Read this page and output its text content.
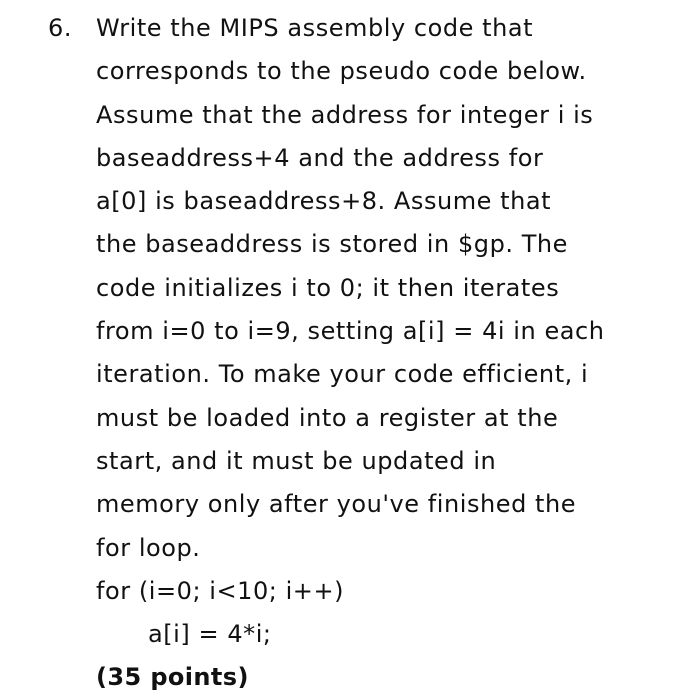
6. Write the MIPS assembly code that
corresponds to the pseudo code below.
Assume that the address for integer i is
baseaddress+4 and the address for
a[0] is baseaddress+8. Assume that
the baseaddress is stored in $gp. The
code initializes i to 0; it then iterates
from i=0 to i=9, setting a[i] = 4i in each
iteration. To make your code efficient, i
must be loaded into a register at the
start, and it must be updated in
memory only after you've finished the
for loop.
for (i=0; i<10; i++)
a[i] = 4*i;
(35 points)
